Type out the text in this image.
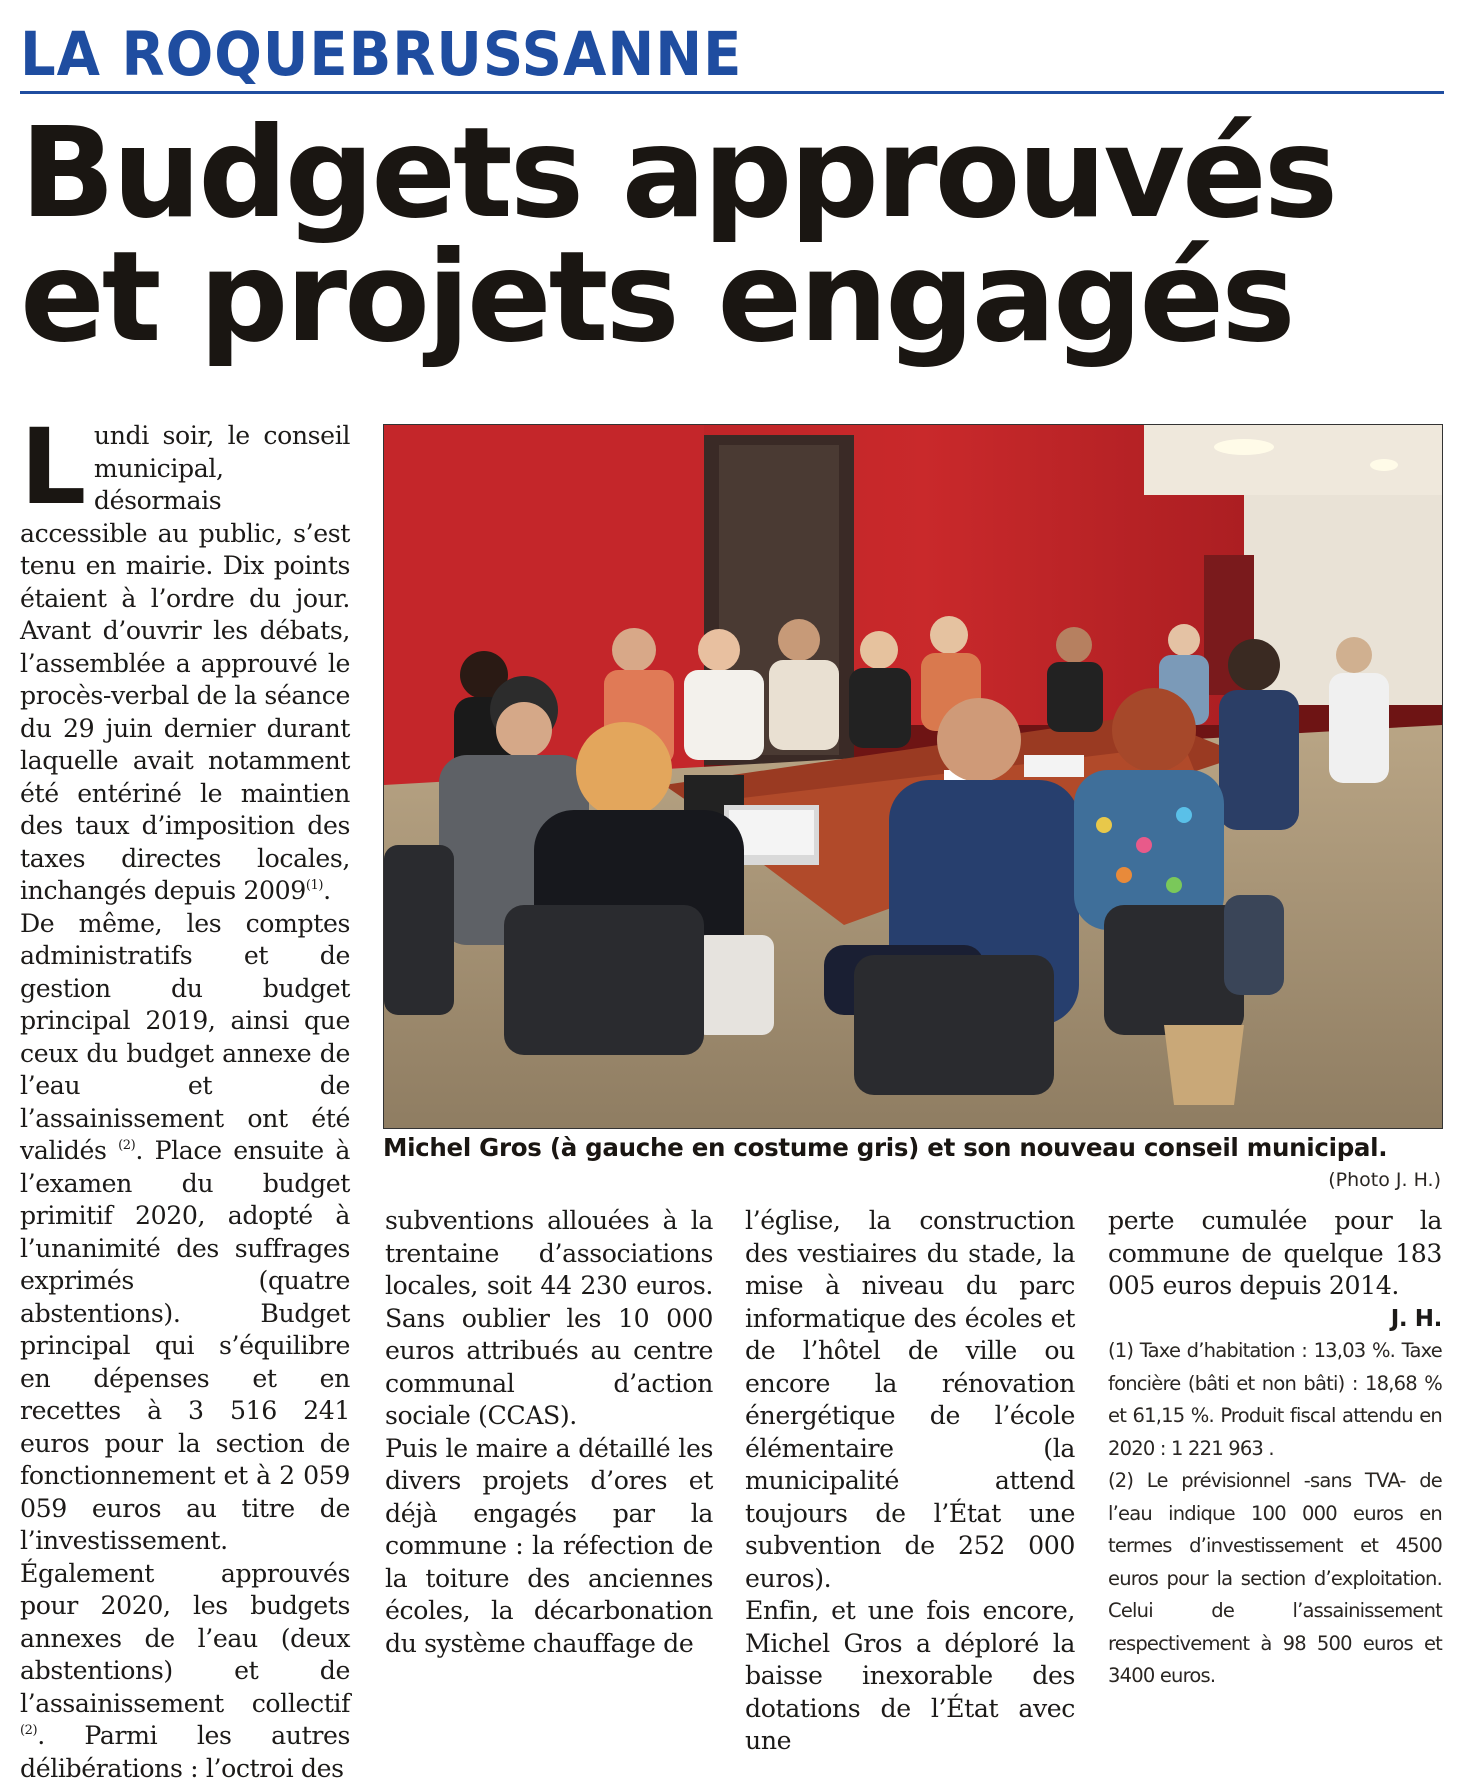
LA ROQUEBRUSSANNE
Budgets approuvés
et projets engagés

Lundi soir, le conseil municipal, désormais accessible au public, s’est tenu en mairie. Dix points étaient à l’ordre du jour. Avant d’ouvrir les débats, l’assemblée a approuvé le procès-verbal de la séance du 29 juin dernier durant laquelle avait notamment été entériné le maintien des taux d’imposition des taxes directes locales, inchangés depuis 2009$^{(1)}$.

De même, les comptes administratifs et de gestion du budget principal 2019, ainsi que ceux du budget annexe de l’eau et de l’assainissement ont été validés $^{(2)}$. Place ensuite à l’examen du budget primitif 2020, adopté à l’unanimité des suffrages exprimés (quatre abstentions). Budget principal qui s’équilibre en dépenses et en recettes à 3 516 241 euros pour la section de fonctionnement et à 2 059 059 euros au titre de l’investissement. Également approuvés pour 2020, les budgets annexes de l’eau (deux abstentions) et de l’assainissement collectif $^{(2)}$. Parmi les autres délibérations : l’octroi des

Michel Gros (à gauche en costume gris) et son nouveau conseil municipal.
(Photo J. H.)

subventions allouées à la trentaine d’associations locales, soit 44 230 euros. Sans oublier les 10 000 euros attribués au centre communal d’action sociale (CCAS).

Puis le maire a détaillé les divers projets d’ores et déjà engagés par la commune : la réfection de la toiture des anciennes écoles, la décarbonation du système chauffage de

l’église, la construction des vestiaires du stade, la mise à niveau du parc informatique des écoles et de l’hôtel de ville ou encore la rénovation énergétique de l’école élémentaire (la municipalité attend toujours de l’État une subvention de 252 000 euros).

Enfin, et une fois encore, Michel Gros a déploré la baisse inexorable des dotations de l’État avec une

perte cumulée pour la commune de quelque 183 005 euros depuis 2014.

J. H.

(1) Taxe d’habitation : 13,03 %. Taxe foncière (bâti et non bâti) : 18,68 % et 61,15 %. Produit fiscal attendu en 2020 : 1 221 963 .

(2) Le prévisionnel -sans TVA- de l’eau indique 100 000 euros en termes d’investissement et 4500 euros pour la section d’exploitation. Celui de l’assainissement respectivement à 98 500 euros et 3400 euros.
